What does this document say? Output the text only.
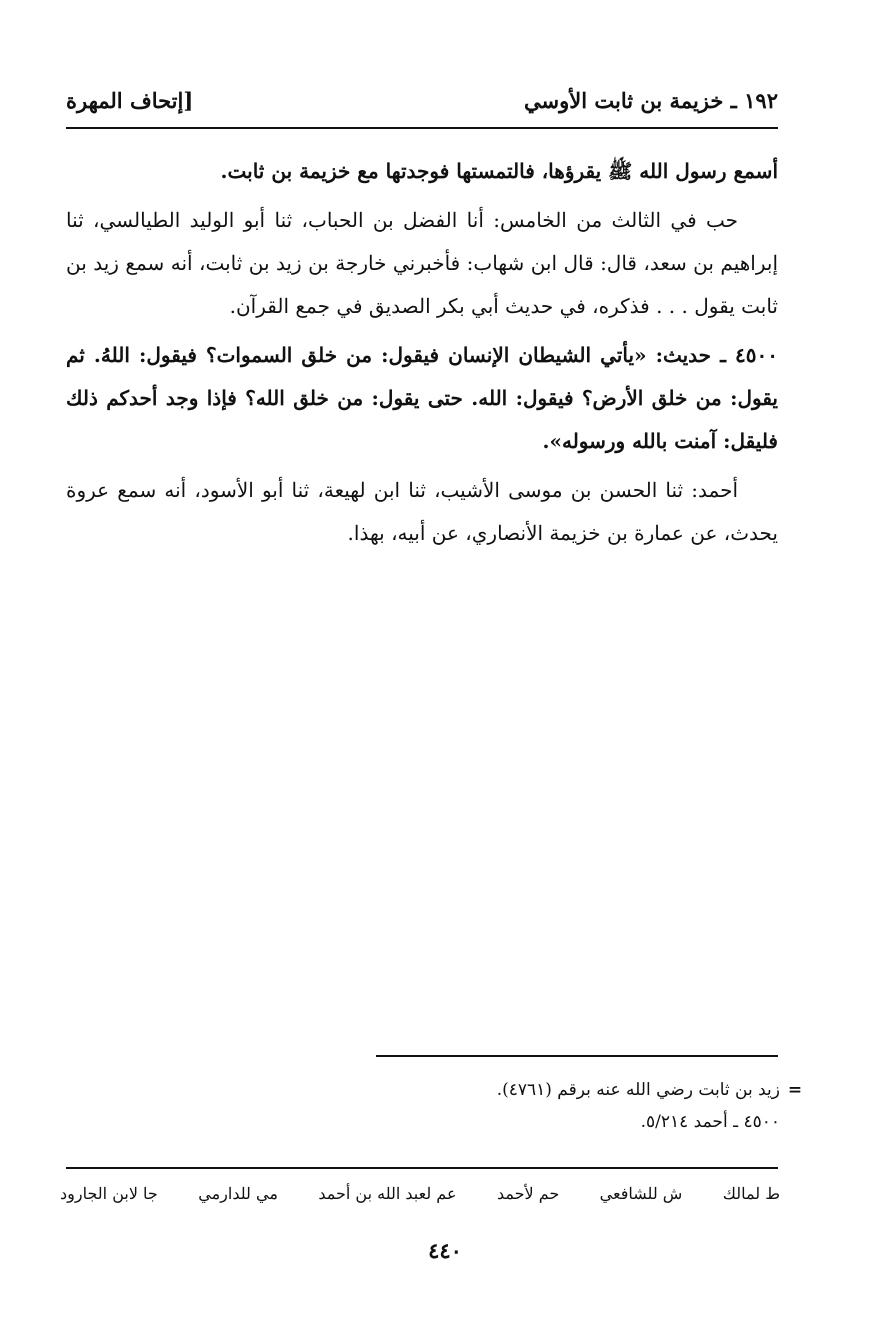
١٩٢ ـ خزيمة بن ثابت الأوسي
[إتحاف المهرة

أسمع رسول الله ﷺ يقرؤها، فالتمستها فوجدتها مع خزيمة بن ثابت.

حب في الثالث من الخامس: أنا الفضل بن الحباب، ثنا أبو الوليد الطيالسي، ثنا إبراهيم بن سعد، قال: قال ابن شهاب: فأخبرني خارجة بن زيد بن ثابت، أنه سمع زيد بن ثابت يقول . . . فذكره، في حديث أبي بكر الصديق في جمع القرآن.

٤٥٠٠ ـ حديث: «يأتي الشيطان الإنسان فيقول: من خلق السموات؟ فيقول: اللهُ. ثم يقول: من خلق الأرض؟ فيقول: الله. حتى يقول: من خلق الله؟ فإذا وجد أحدكم ذلك فليقل: آمنت بالله ورسوله».

أحمد: ثنا الحسن بن موسى الأشيب، ثنا ابن لهيعة، ثنا أبو الأسود، أنه سمع عروة يحدث، عن عمارة بن خزيمة الأنصاري، عن أبيه، بهذا.

=
زيد بن ثابت رضي الله عنه برقم (٤٧٦١).
٤٥٠٠ ـ أحمد ٥/٢١٤.
ط لمالك
ش للشافعي
حم لأحمد
عم لعبد الله بن أحمد
مي للدارمي
جا لابن الجارود
٤٤٠
